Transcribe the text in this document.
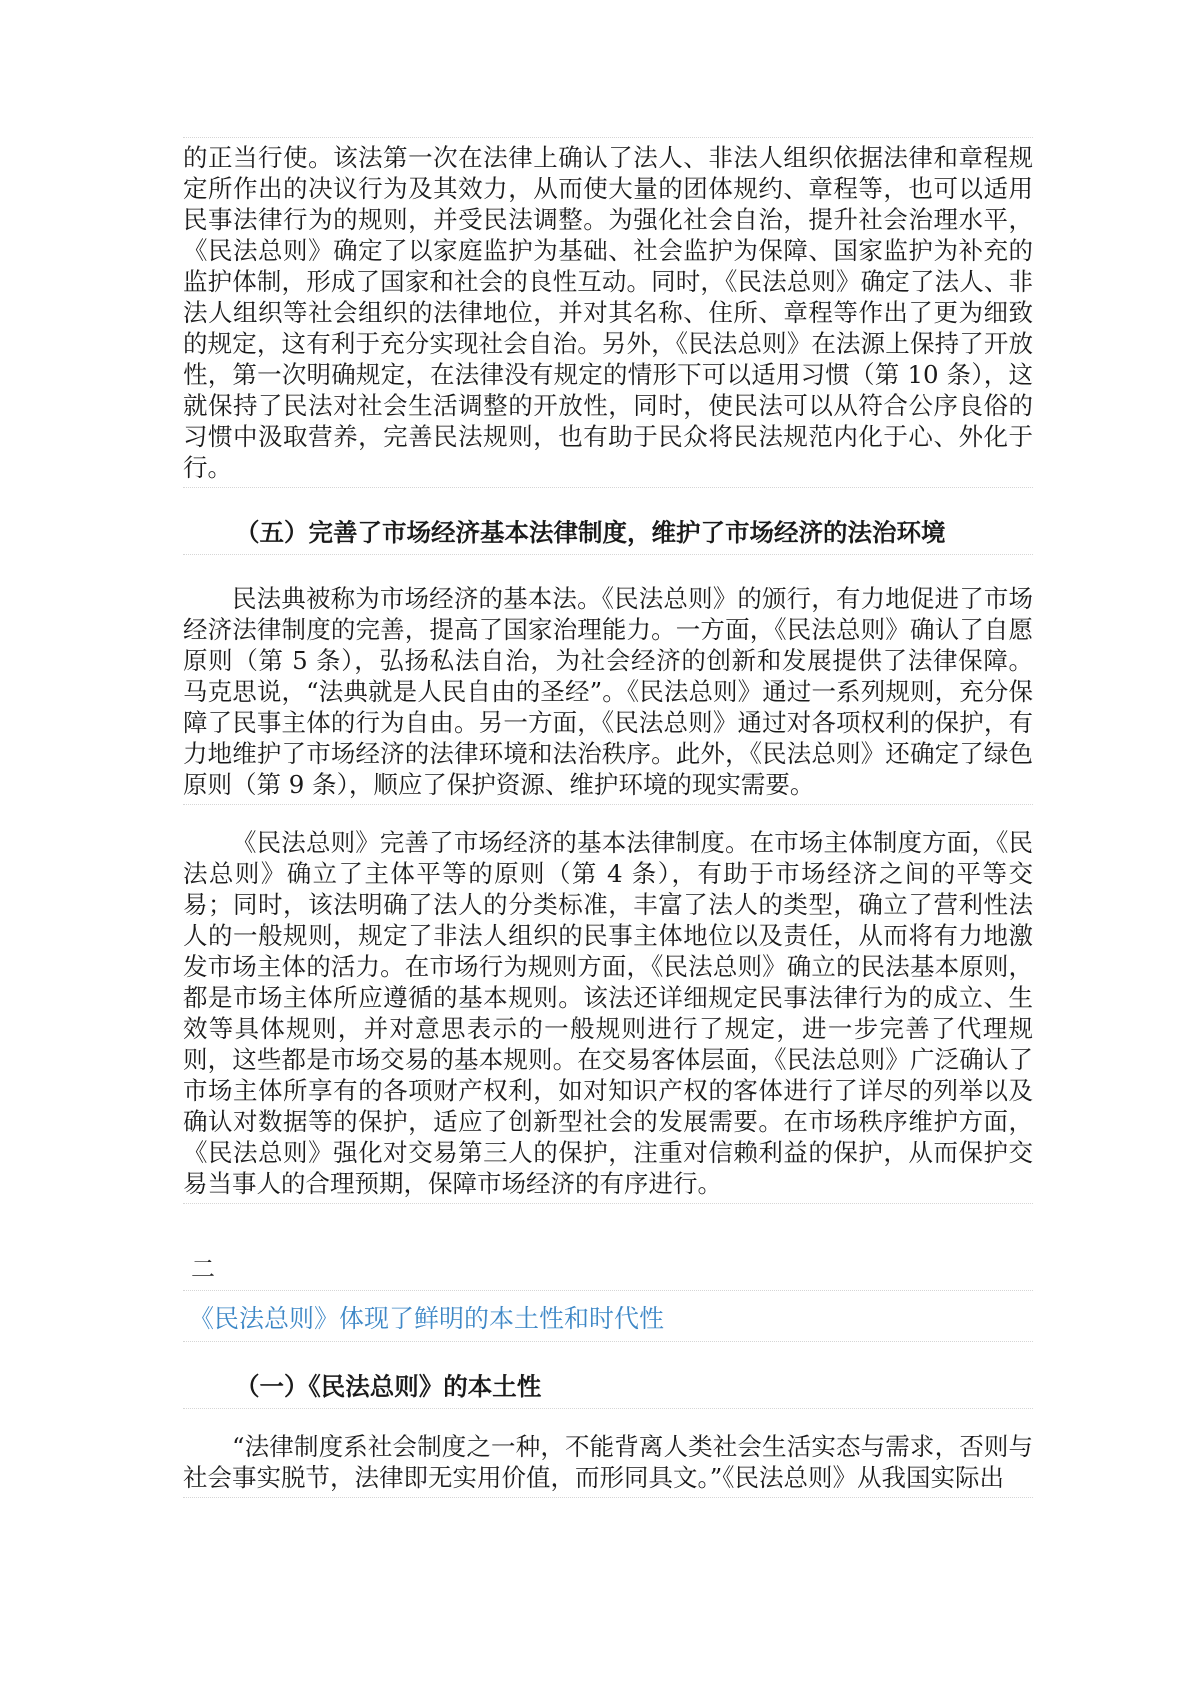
的正当行使。该法第一次在法律上确认了法人、非法人组织依据法律和章程规定所作出的决议行为及其效力，从而使大量的团体规约、章程等，也可以适用民事法律行为的规则，并受民法调整。为强化社会自治，提升社会治理水平，《民法总则》确定了以家庭监护为基础、社会监护为保障、国家监护为补充的监护体制，形成了国家和社会的良性互动。同时，《民法总则》确定了法人、非法人组织等社会组织的法律地位，并对其名称、住所、章程等作出了更为细致的规定，这有利于充分实现社会自治。另外，《民法总则》在法源上保持了开放性，第一次明确规定，在法律没有规定的情形下可以适用习惯（第 10 条），这就保持了民法对社会生活调整的开放性，同时，使民法可以从符合公序良俗的习惯中汲取营养，完善民法规则，也有助于民众将民法规范内化于心、外化于行。

（五）完善了市场经济基本法律制度，维护了市场经济的法治环境

民法典被称为市场经济的基本法。《民法总则》的颁行，有力地促进了市场经济法律制度的完善，提高了国家治理能力。一方面，《民法总则》确认了自愿原则（第 5 条），弘扬私法自治，为社会经济的创新和发展提供了法律保障。马克思说，“法典就是人民自由的圣经”。《民法总则》通过一系列规则，充分保障了民事主体的行为自由。另一方面，《民法总则》通过对各项权利的保护，有力地维护了市场经济的法律环境和法治秩序。此外，《民法总则》还确定了绿色原则（第 9 条），顺应了保护资源、维护环境的现实需要。

《民法总则》完善了市场经济的基本法律制度。在市场主体制度方面，《民法总则》确立了主体平等的原则（第 4 条），有助于市场经济之间的平等交易；同时，该法明确了法人的分类标准，丰富了法人的类型，确立了营利性法人的一般规则，规定了非法人组织的民事主体地位以及责任，从而将有力地激发市场主体的活力。在市场行为规则方面，《民法总则》确立的民法基本原则，都是市场主体所应遵循的基本规则。该法还详细规定民事法律行为的成立、生效等具体规则，并对意思表示的一般规则进行了规定，进一步完善了代理规则，这些都是市场交易的基本规则。在交易客体层面，《民法总则》广泛确认了市场主体所享有的各项财产权利，如对知识产权的客体进行了详尽的列举以及确认对数据等的保护，适应了创新型社会的发展需要。在市场秩序维护方面，《民法总则》强化对交易第三人的保护，注重对信赖利益的保护，从而保护交易当事人的合理预期，保障市场经济的有序进行。

二

《民法总则》体现了鲜明的本土性和时代性

（一）《民法总则》的本土性

“法律制度系社会制度之一种，不能背离人类社会生活实态与需求，否则与社会事实脱节，法律即无实用价值，而形同具文。”《民法总则》从我国实际出
